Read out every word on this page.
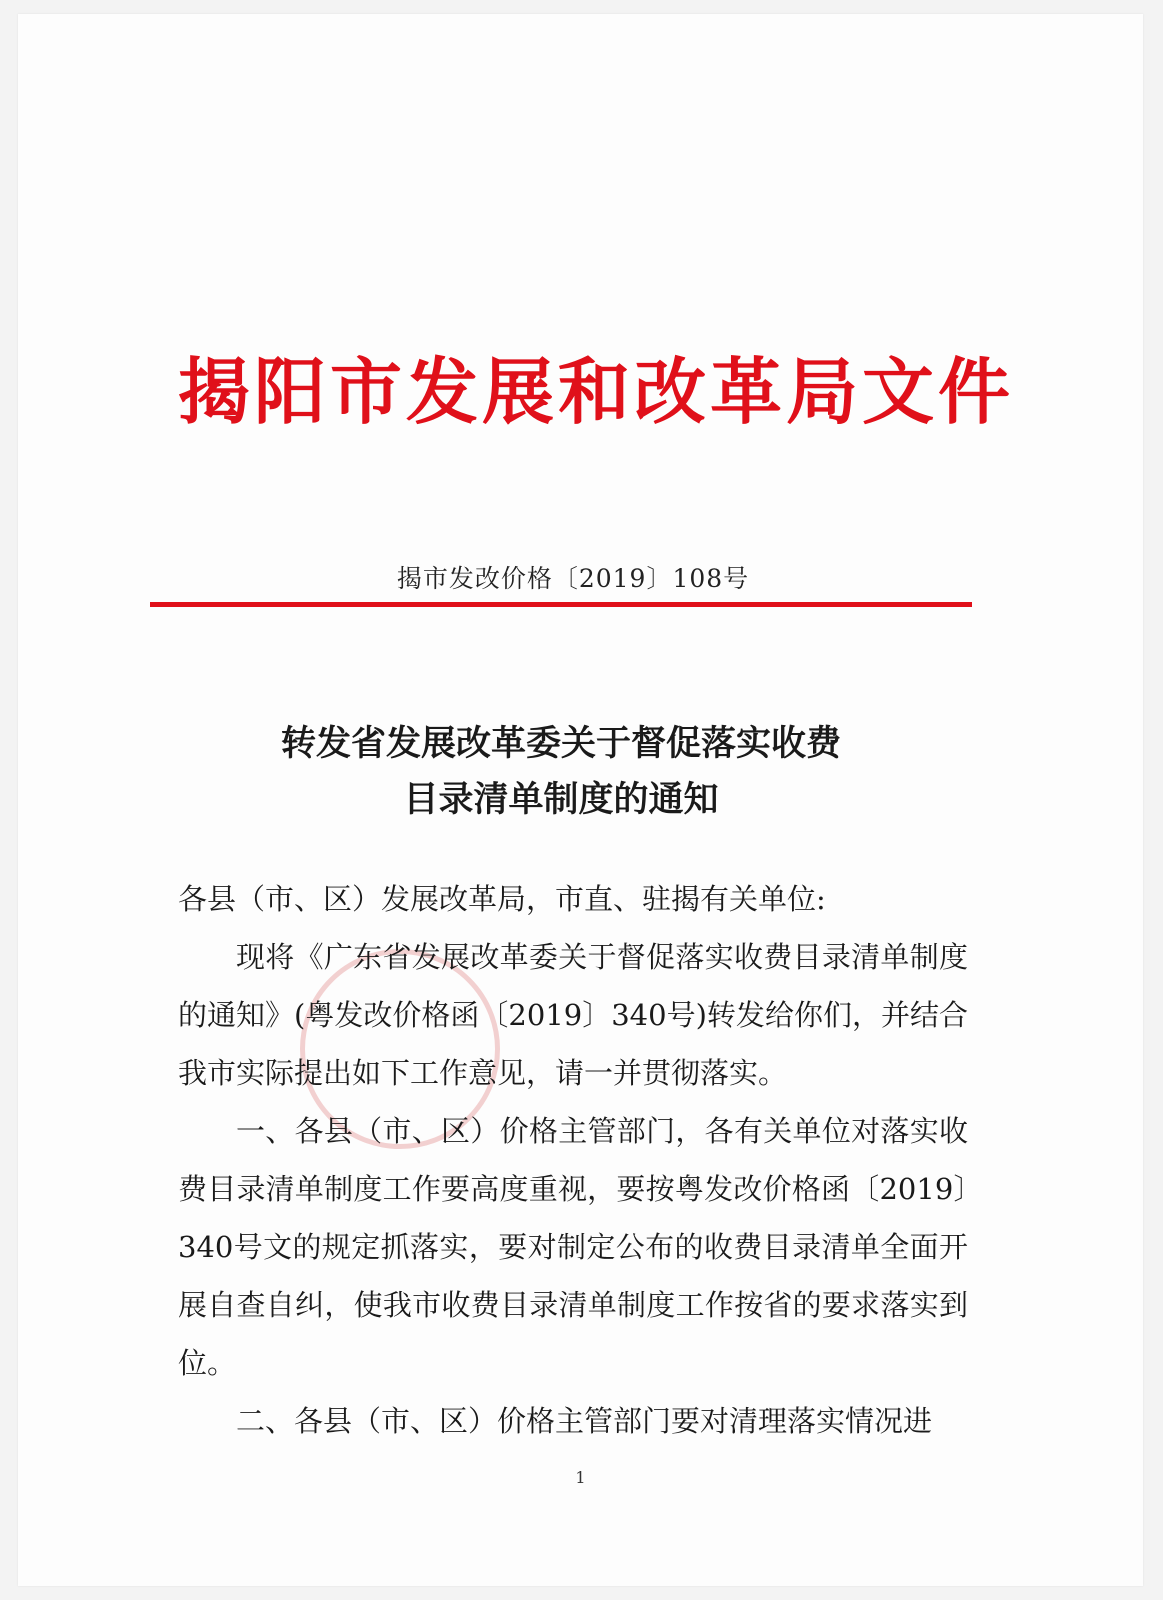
揭阳市发展和改革局文件
揭市发改价格〔2019〕108号
转发省发展改革委关于督促落实收费
目录清单制度的通知

各县（市、区）发展改革局，市直、驻揭有关单位:

现将《广东省发展改革委关于督促落实收费目录清单制度的通知》(粤发改价格函〔2019〕340号)转发给你们，并结合我市实际提出如下工作意见，请一并贯彻落实。

一、各县（市、区）价格主管部门，各有关单位对落实收费目录清单制度工作要高度重视，要按粤发改价格函〔2019〕340号文的规定抓落实，要对制定公布的收费目录清单全面开展自查自纠，使我市收费目录清单制度工作按省的要求落实到位。

二、各县（市、区）价格主管部门要对清理落实情况进

1
